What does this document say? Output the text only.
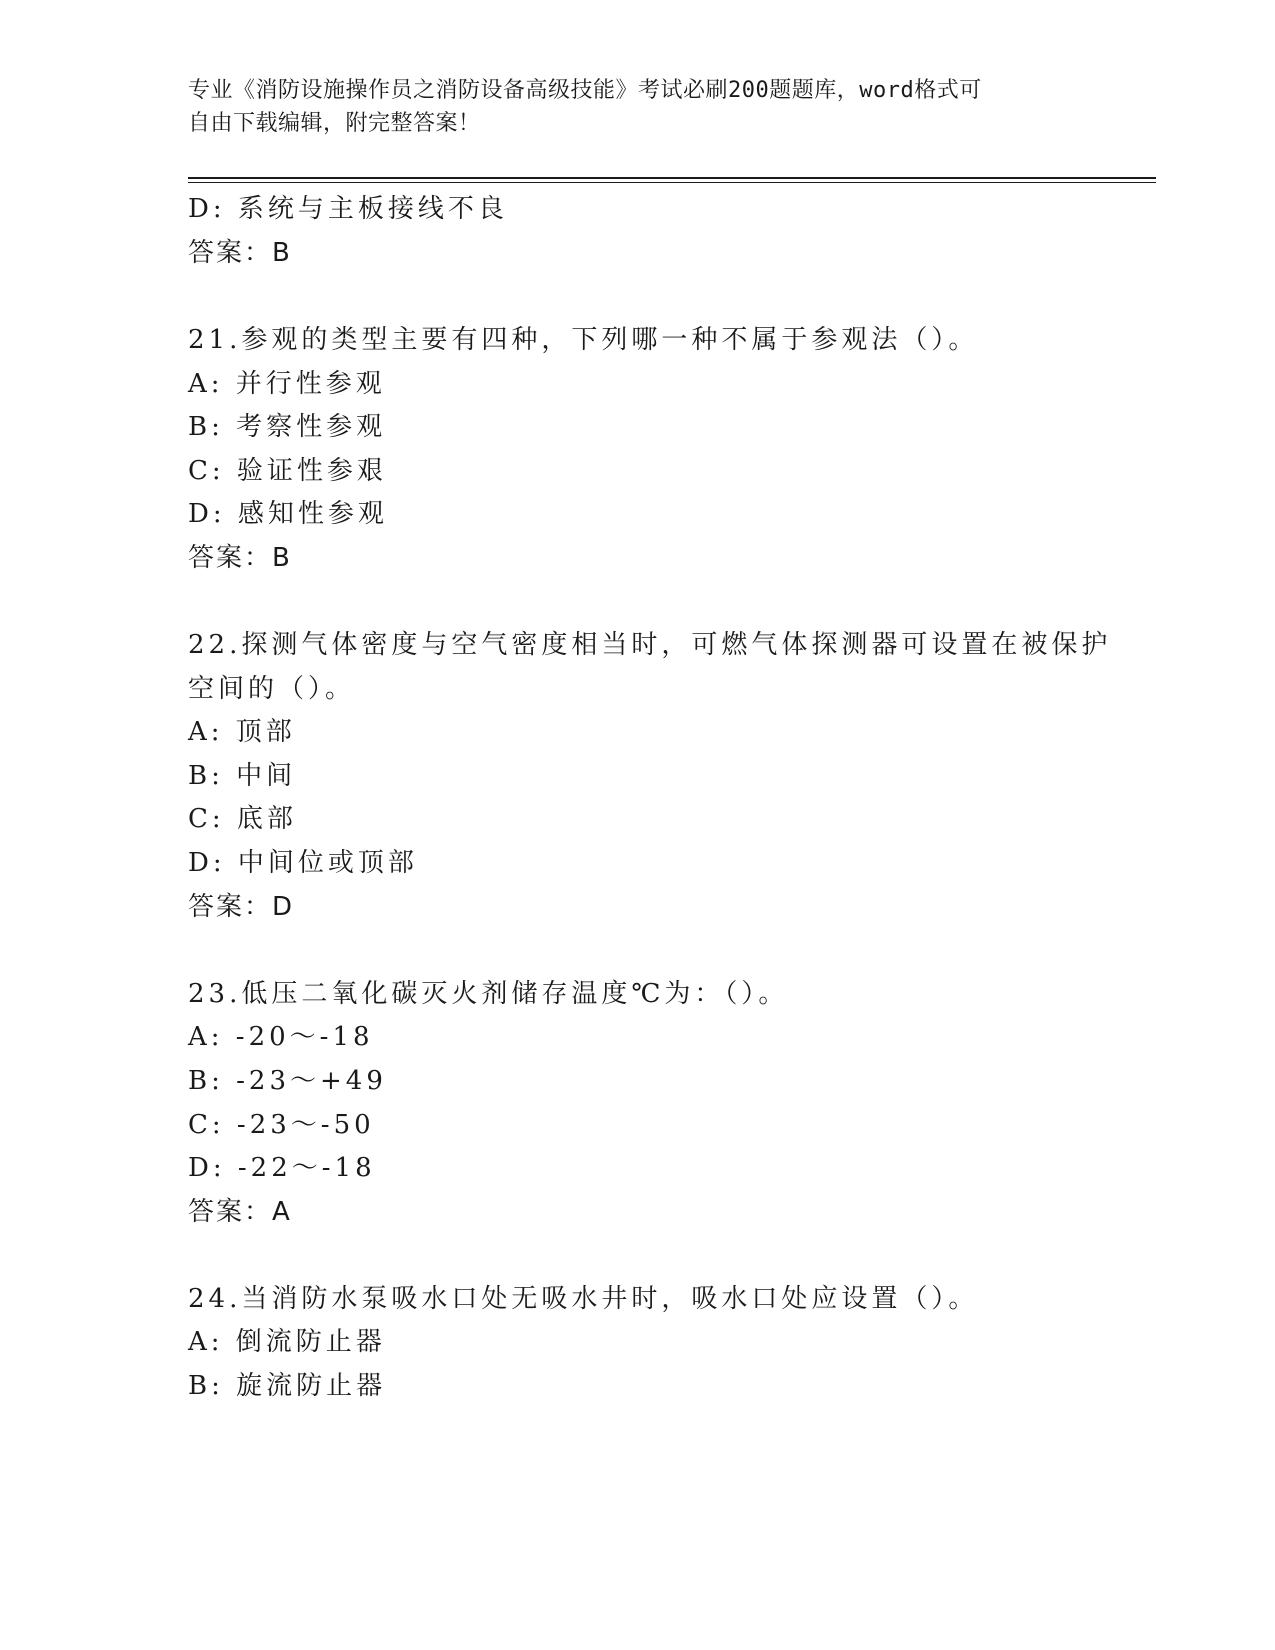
专业《消防设施操作员之消防设备高级技能》考试必刷200题题库，word格式可
自由下载编辑，附完整答案！
D: 系统与主板接线不良
答案：B
21.参观的类型主要有四种，下列哪一种不属于参观法（）。
A: 并行性参观
B: 考察性参观
C: 验证性参艰
D: 感知性参观
答案：B
22.探测气体密度与空气密度相当时，可燃气体探测器可设置在被保护
空间的（）。
A: 顶部
B: 中间
C: 底部
D: 中间位或顶部
答案：D
23.低压二氧化碳灭火剂储存温度℃为：（）。
A: -20～-18
B: -23～+49
C: -23～-50
D: -22～-18
答案：A
24.当消防水泵吸水口处无吸水井时，吸水口处应设置（）。
A: 倒流防止器
B: 旋流防止器
